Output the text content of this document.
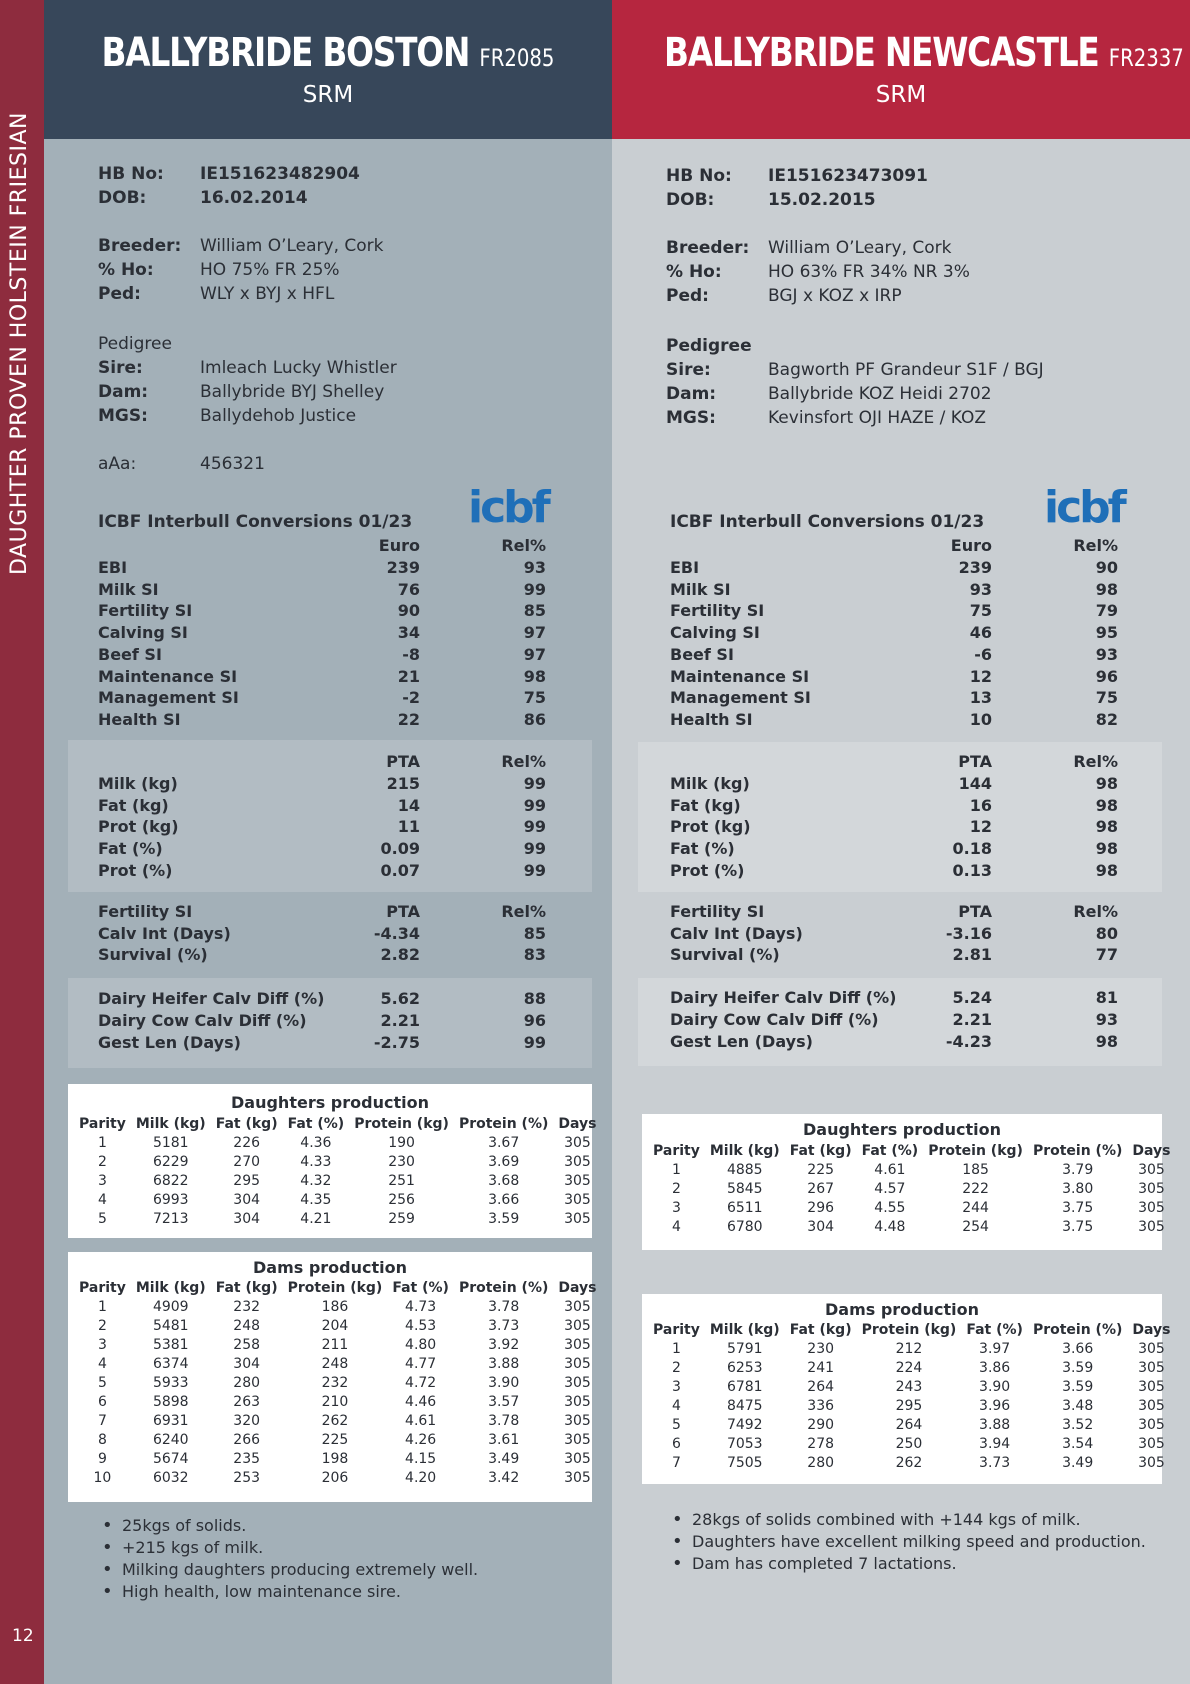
DAUGHTER PROVEN HOLSTEIN FRIESIAN
12
BALLYBRIDE BOSTON FR2085
SRM
HB No: IE151623482904
DOB:	16.02.2014
Breeder: William O’Leary, Cork
% Ho:	HO 75% FR 25%
Ped:	WLY x BYJ x HFL
Pedigree
Sire:	Imleach Lucky Whistler
Dam:	Ballybride BYJ Shelley
MGS:	Ballydehob Justice
aAa:	456321
icbf
ICBF Interbull Conversions 01/23
Euro	Rel%
EBI	239	93
Milk SI	76	99
Fertility SI	90	85
Calving SI	34	97
Beef SI	-8	97
Maintenance SI	21	98
Management SI	-2	75
Health SI	22	86
PTA	Rel%
Milk (kg)	215	99
Fat (kg)	14	99
Prot (kg)	11	99
Fat (%)	0.09	99
Prot (%)	0.07	99
Fertility SI	PTA	Rel%
Calv Int (Days)	-4.34	85
Survival (%)	2.82	83
Dairy Heifer Calv Diff (%)	5.62	88
Dairy Cow Calv Diff (%)	2.21	96
Gest Len (Days)	-2.75	99
Daughters production
Parity	Milk (kg)	Fat (kg)	Fat (%)	Protein (kg)	Protein (%)	Days
1	5181	226	4.36	190	3.67	305
2	6229	270	4.33	230	3.69	305
3	6822	295	4.32	251	3.68	305
4	6993	304	4.35	256	3.66	305
5	7213	304	4.21	259	3.59	305
Dams production
Parity	Milk (kg)	Fat (kg)	Protein (kg)	Fat (%)	Protein (%)	Days
1	4909	232	186	4.73	3.78	305
2	5481	248	204	4.53	3.73	305
3	5381	258	211	4.80	3.92	305
4	6374	304	248	4.77	3.88	305
5	5933	280	232	4.72	3.90	305
6	5898	263	210	4.46	3.57	305
7	6931	320	262	4.61	3.78	305
8	6240	266	225	4.26	3.61	305
9	5674	235	198	4.15	3.49	305
10	6032	253	206	4.20	3.42	305
• 25kgs of solids.
• +215 kgs of milk.
• Milking daughters producing extremely well.
• High health, low maintenance sire.
BALLYBRIDE NEWCASTLE FR2337
SRM
HB No: IE151623473091
DOB:	15.02.2015
Breeder: William O’Leary, Cork
% Ho:	HO 63% FR 34% NR 3%
Ped:	BGJ x KOZ x IRP
Pedigree
Sire:	Bagworth PF Grandeur S1F / BGJ
Dam:	Ballybride KOZ Heidi 2702
MGS:	Kevinsfort OJI HAZE / KOZ
icbf
ICBF Interbull Conversions 01/23
Euro	Rel%
EBI	239	90
Milk SI	93	98
Fertility SI	75	79
Calving SI	46	95
Beef SI	-6	93
Maintenance SI	12	96
Management SI	13	75
Health SI	10	82
PTA	Rel%
Milk (kg)	144	98
Fat (kg)	16	98
Prot (kg)	12	98
Fat (%)	0.18	98
Prot (%)	0.13	98
Fertility SI	PTA	Rel%
Calv Int (Days)	-3.16	80
Survival (%)	2.81	77
Dairy Heifer Calv Diff (%)	5.24	81
Dairy Cow Calv Diff (%)	2.21	93
Gest Len (Days)	-4.23	98
Daughters production
Parity	Milk (kg)	Fat (kg)	Fat (%)	Protein (kg)	Protein (%)	Days
1	4885	225	4.61	185	3.79	305
2	5845	267	4.57	222	3.80	305
3	6511	296	4.55	244	3.75	305
4	6780	304	4.48	254	3.75	305
Dams production
Parity	Milk (kg)	Fat (kg)	Protein (kg)	Fat (%)	Protein (%)	Days
1	5791	230	212	3.97	3.66	305
2	6253	241	224	3.86	3.59	305
3	6781	264	243	3.90	3.59	305
4	8475	336	295	3.96	3.48	305
5	7492	290	264	3.88	3.52	305
6	7053	278	250	3.94	3.54	305
7	7505	280	262	3.73	3.49	305
• 28kgs of solids combined with +144 kgs of milk.
• Daughters have excellent milking speed and production.
• Dam has completed 7 lactations.
